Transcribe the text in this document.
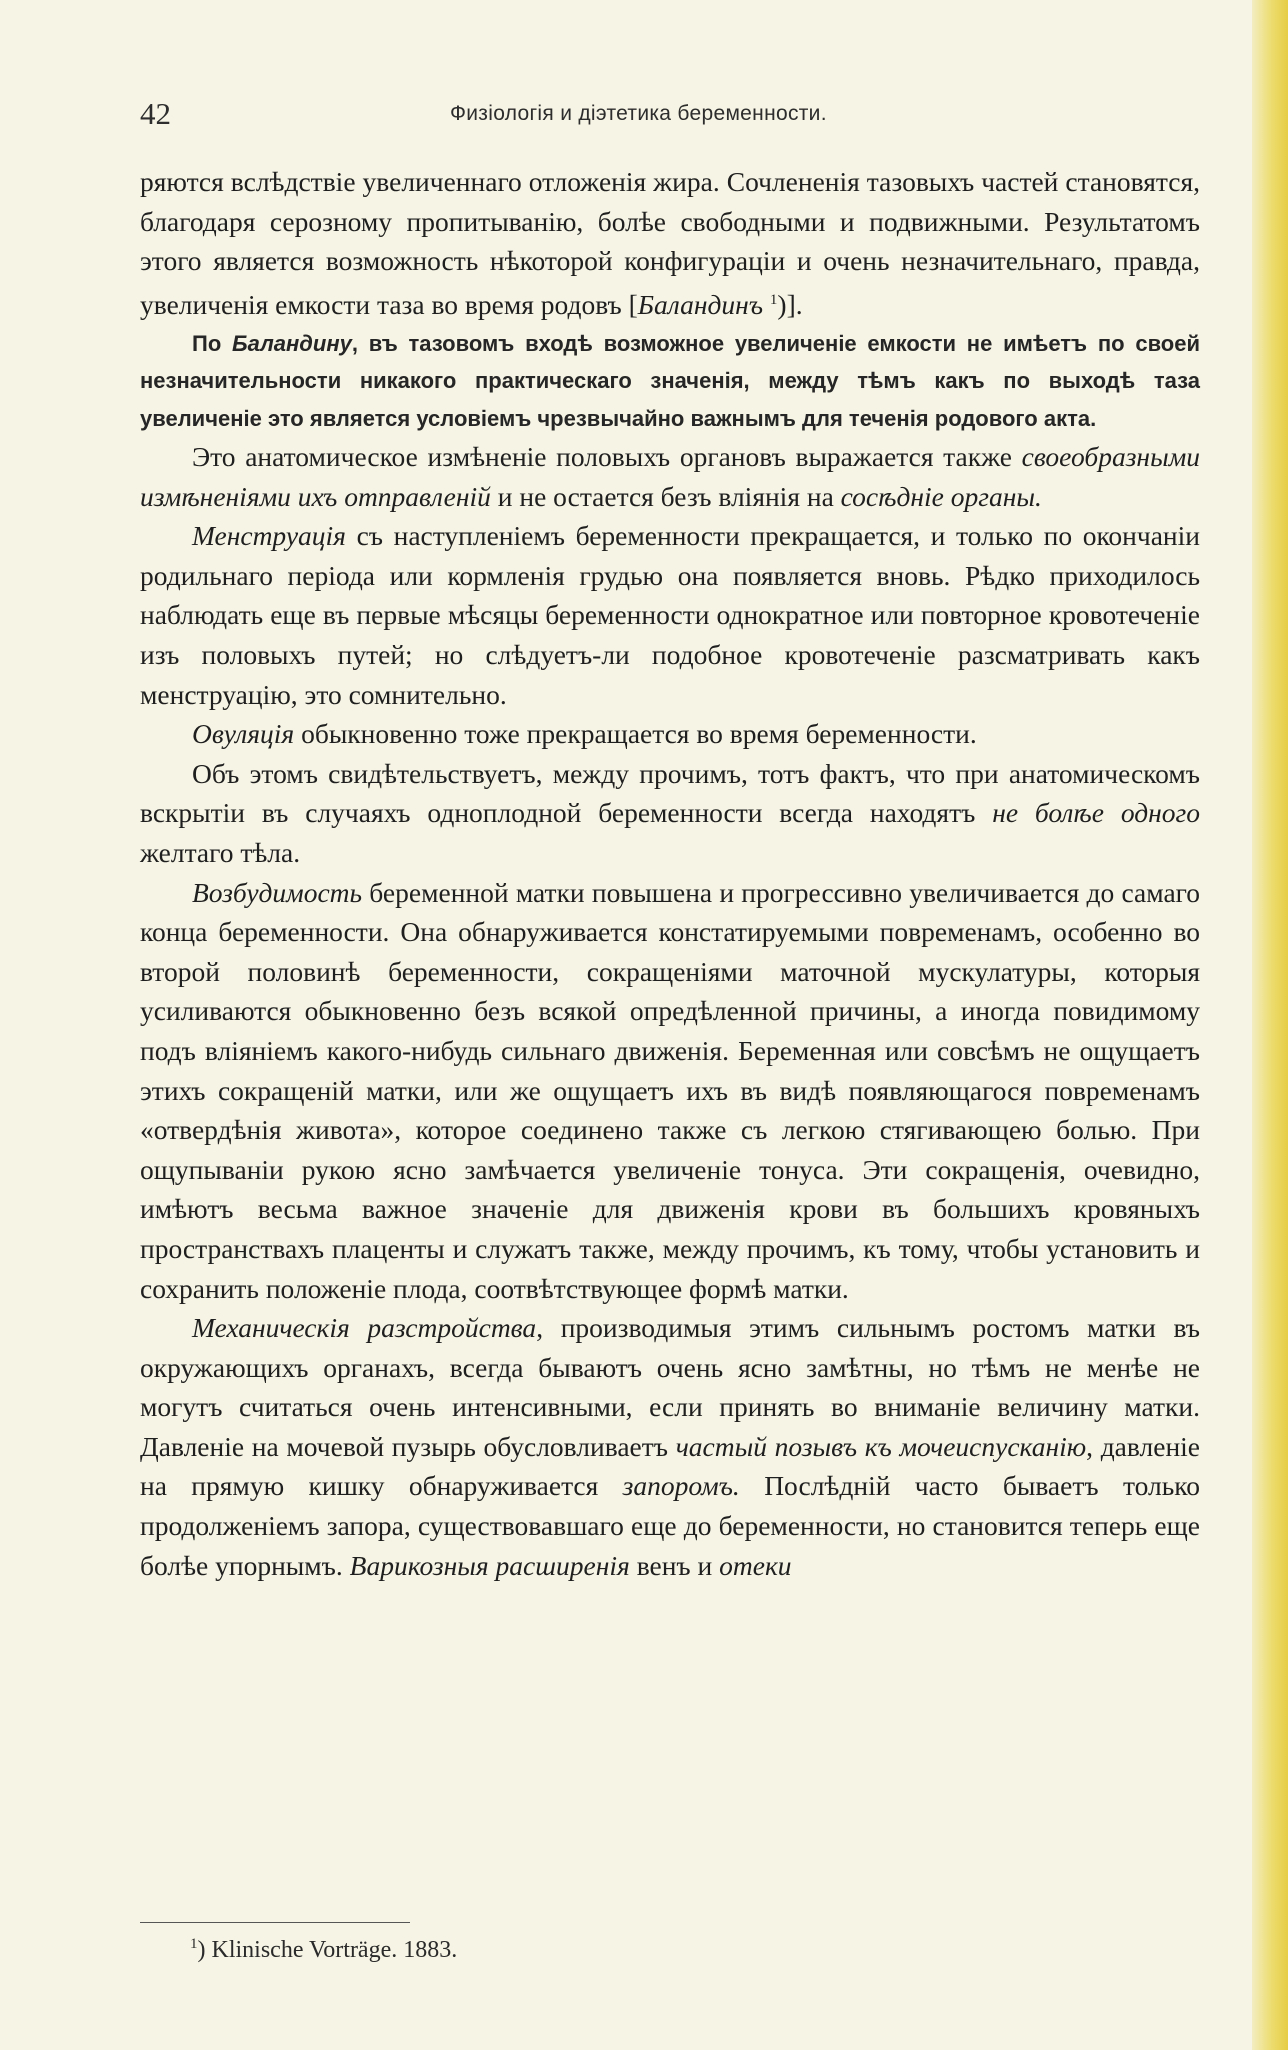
42	Физіологія и діэтетика беременности.

ряются вслѣдствіе увеличеннаго отложенія жира. Сочлененія тазовыхъ частей становятся, благодаря серозному пропитыванію, болѣе свободными и подвижными. Результатомъ этого является возможность нѣкоторой конфигураціи и очень незначительнаго, правда, увеличенія емкости таза во время родовъ [Баландинъ $^1$)].

По Баландину, въ тазовомъ входѣ возможное увеличеніе емкости не имѣетъ по своей незначительности никакого практическаго значенія, между тѣмъ какъ по выходѣ таза увеличеніе это является условіемъ чрезвычайно важнымъ для теченія родового акта.

Это анатомическое измѣненіе половыхъ органовъ выражается также своеобразными измѣненіями ихъ отправленій и не остается безъ вліянія на сосѣдніе органы.

Менструація съ наступленіемъ беременности прекращается, и только по окончаніи родильнаго періода или кормленія грудью она появляется вновь. Рѣдко приходилось наблюдать еще въ первые мѣсяцы беременности однократное или повторное кровотеченіе изъ половыхъ путей; но слѣдуетъ-ли подобное кровотеченіе разсматривать какъ менструацію, это сомнительно.

Овуляція обыкновенно тоже прекращается во время беременности.

Объ этомъ свидѣтельствуетъ, между прочимъ, тотъ фактъ, что при анатомическомъ вскрытіи въ случаяхъ одноплодной беременности всегда находятъ не болѣе одного желтаго тѣла.

Возбудимость беременной матки повышена и прогрессивно увеличивается до самаго конца беременности. Она обнаруживается констатируемыми повременамъ, особенно во второй половинѣ беременности, сокращеніями маточной мускулатуры, которыя усиливаются обыкновенно безъ всякой опредѣленной причины, а иногда повидимому подъ вліяніемъ какого-нибудь сильнаго движенія. Беременная или совсѣмъ не ощущаетъ этихъ сокращеній матки, или же ощущаетъ ихъ въ видѣ появляющагося повременамъ «отвердѣнія живота», которое соединено также съ легкою стягивающею болью. При ощупываніи рукою ясно замѣчается увеличеніе тонуса. Эти сокращенія, очевидно, имѣютъ весьма важное значеніе для движенія крови въ большихъ кровяныхъ пространствахъ плаценты и служатъ также, между прочимъ, къ тому, чтобы установить и сохранить положеніе плода, соотвѣтствующее формѣ матки.

Механическія разстройства, производимыя этимъ сильнымъ ростомъ матки въ окружающихъ органахъ, всегда бываютъ очень ясно замѣтны, но тѣмъ не менѣе не могутъ считаться очень интенсивными, если принять во вниманіе величину матки. Давленіе на мочевой пузырь обусловливаетъ частый позывъ къ мочеиспусканію, давленіе на прямую кишку обнаруживается запоромъ. Послѣдній часто бываетъ только продолженіемъ запора, существовавшаго еще до беременности, но становится теперь еще болѣе упорнымъ. Варикозныя расширенія венъ и отеки

$^1$) Klinische Vorträge. 1883.
